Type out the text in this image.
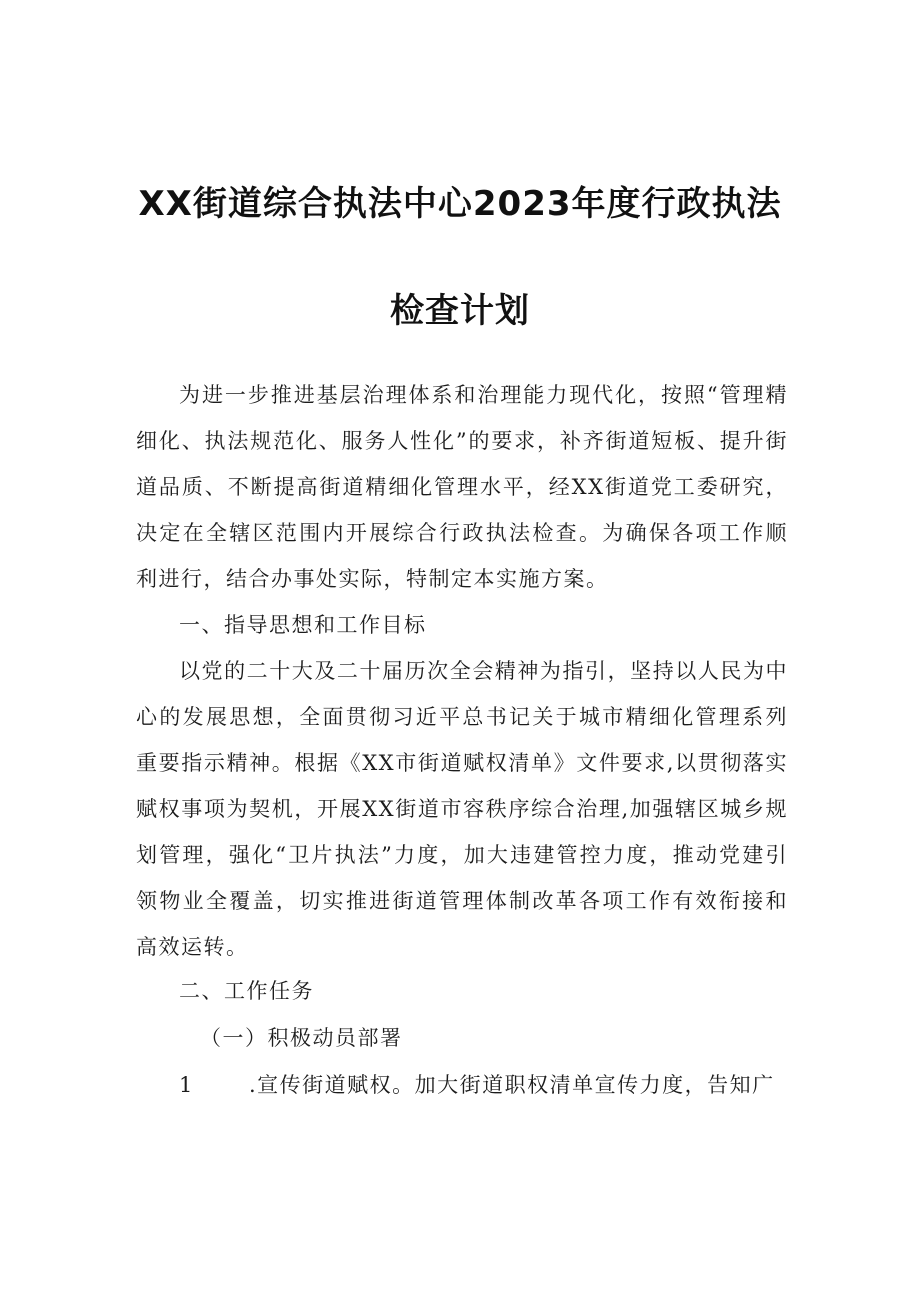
XX街道综合执法中心2023年度行政执法
检查计划

为进一步推进基层治理体系和治理能力现代化，按照“管理精细化、执法规范化、服务人性化”的要求，补齐街道短板、提升街道品质、不断提高街道精细化管理水平，经XX街道党工委研究，决定在全辖区范围内开展综合行政执法检查。为确保各项工作顺利进行，结合办事处实际，特制定本实施方案。

一、指导思想和工作目标

以党的二十大及二十届历次全会精神为指引，坚持以人民为中心的发展思想，全面贯彻习近平总书记关于城市精细化管理系列重要指示精神。根据《XX市街道赋权清单》文件要求,以贯彻落实赋权事项为契机，开展XX街道市容秩序综合治理,加强辖区城乡规划管理，强化“卫片执法”力度，加大违建管控力度，推动党建引领物业全覆盖，切实推进街道管理体制改革各项工作有效衔接和高效运转。

二、工作任务

（一）积极动员部署

1	.宣传街道赋权。加大街道职权清单宣传力度，告知广
